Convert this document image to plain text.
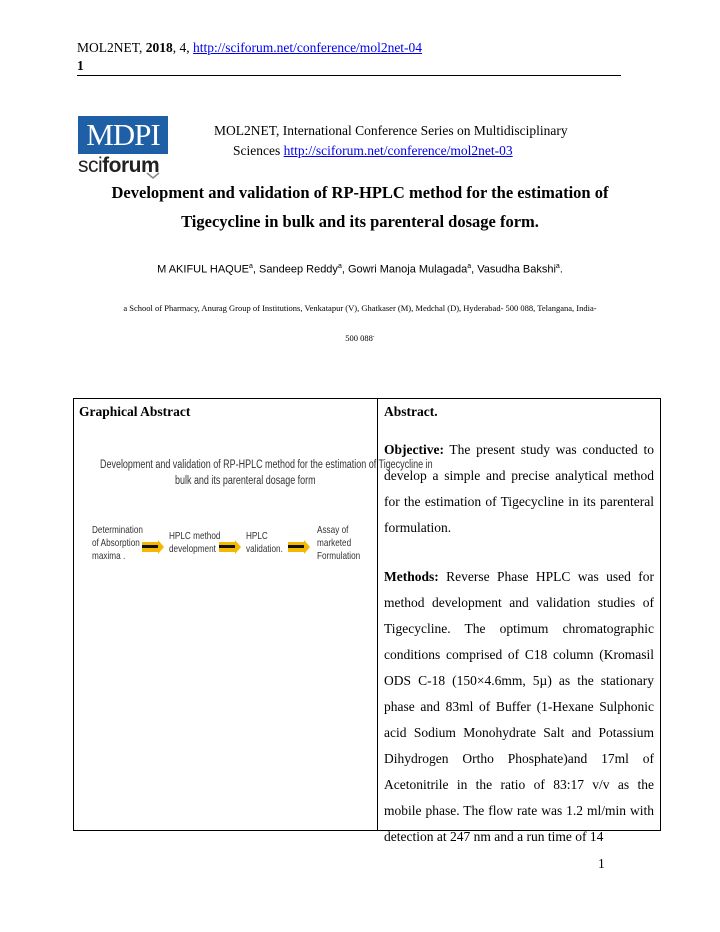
MOL2NET, 2018, 4, http://sciforum.net/conference/mol2net-04
1
MDPI
sciforum
MOL2NET, International Conference Series on Multidisciplinary
Sciences http://sciforum.net/conference/mol2net-03
Development and validation of RP-HPLC method for the estimation of
Tigecycline in bulk and its parenteral dosage form.
M AKIFUL HAQUE$^a$, Sandeep Reddy$^a$, Gowri Manoja Mulagada$^a$, Vasudha Bakshi$^a$.
a School of Pharmacy, Anurag Group of Institutions, Venkatapur (V), Ghatkaser (M), Medchal (D), Hyderabad- 500 088, Telangana, India-
500 088.
Graphical Abstract	Abstract.
Development and validation of RP-HPLC method for the estimation of Tigecycline in
bulk and its parenteral dosage form
Determination
of Absorption
maxima .
HPLC method
development
HPLC
validation.
Assay of
marketed
Formulation

Objective: The present study was conducted to develop a simple and precise analytical method for the estimation of Tigecycline in its parenteral formulation.

Methods: Reverse Phase HPLC was used for method development and validation studies of Tigecycline. The optimum chromatographic conditions comprised of C18 column (Kromasil ODS C-18 (150×4.6mm, 5µ) as the stationary phase and 83ml of Buffer (1-Hexane Sulphonic acid Sodium Monohydrate Salt and Potassium Dihydrogen Ortho Phosphate)and 17ml of Acetonitrile in the ratio of 83:17 v/v as the mobile phase. The flow rate was 1.2 ml/min with detection at 247 nm and a run time of 14

1
